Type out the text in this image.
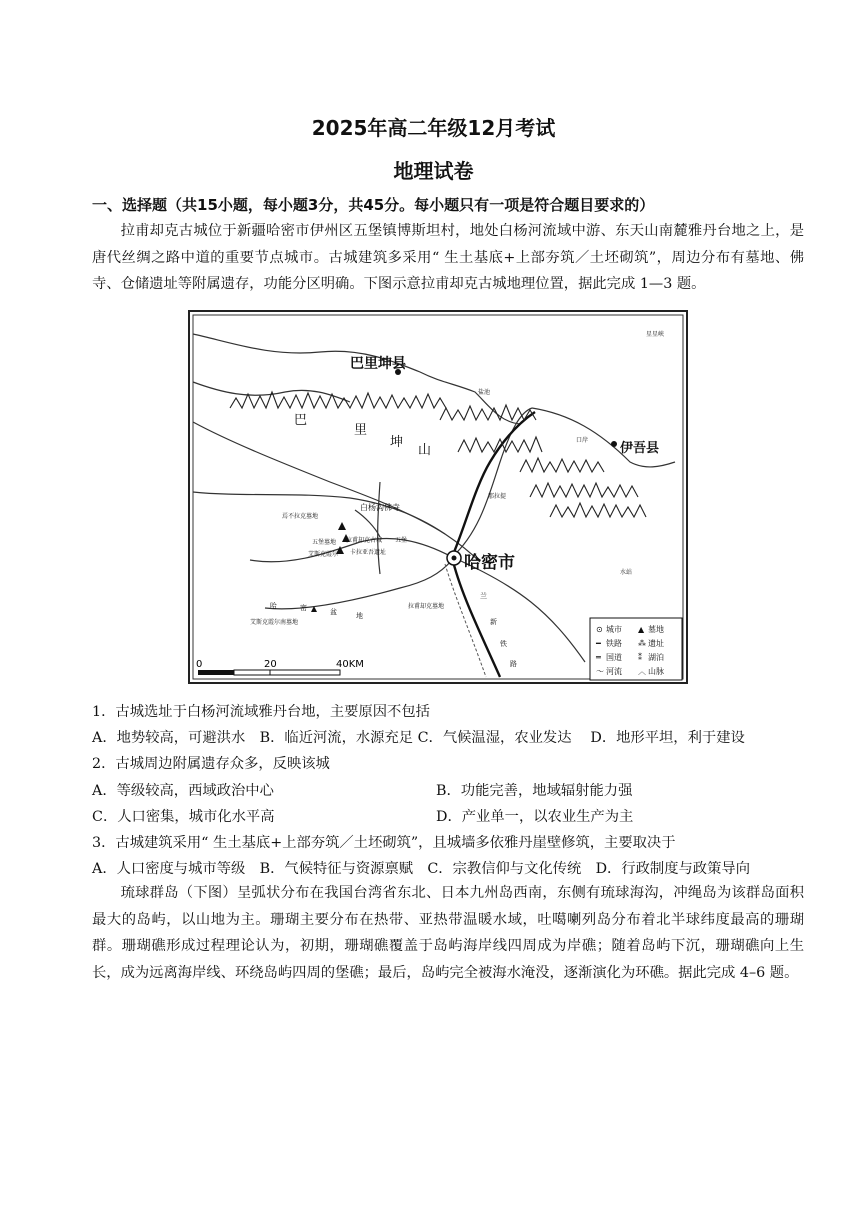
2025年高二年级12月考试
地理试卷
一、选择题（共15小题，每小题3分，共45分。每小题只有一项是符合题目要求的）
拉甫却克古城位于新疆哈密市伊州区五堡镇博斯坦村，地处白杨河流域中游、东天山南麓雅丹台地之上，是唐代丝绸之路中道的重要节点城市。古城建筑多采用“ 生土基底+上部夯筑／土坯砌筑”，周边分布有墓地、佛寺、仓储遗址等附属遗存，功能分区明确。下图示意拉甫却克古城地理位置，据此完成 1—3 题。
巴里坤县
巴
里
坤
山	伊吾县
哈密市
白杨沟佛寺
拉甫却克古城
五堡墓地
焉不拉克墓地
艾斯克霞尔 卡拉亚吾遗址
艾斯克霞尔南墓地
拉甫却克墓地
星星峡
盐池
口岸
那拉提
五堡
水站
哈	密	盆	地
兰
新
铁
路
0	20	40KM
⊙ 城市 ▲ 墓地
━ 铁路 ⁂ 遗址
═ 国道 ⁑ 湖泊
～ 河流 ︿ 山脉
1．古城选址于白杨河流域雅丹台地，主要原因不包括
A．地势较高，可避洪水　B．临近河流，水源充足 C．气候温湿，农业发达　 D．地形平坦，利于建设
2．古城周边附属遗存众多，反映该城
A．等级较高，西域政治中心	B．功能完善，地域辐射能力强
C．人口密集，城市化水平高	D．产业单一，以农业生产为主
3．古城建筑采用“ 生土基底+上部夯筑／土坯砌筑”，且城墙多依雅丹崖壁修筑，主要取决于
A．人口密度与城市等级　B．气候特征与资源禀赋　C．宗教信仰与文化传统　D．行政制度与政策导向
琉球群岛（下图）呈弧状分布在我国台湾省东北、日本九州岛西南，东侧有琉球海沟，冲绳岛为该群岛面积最大的岛屿，以山地为主。珊瑚主要分布在热带、亚热带温暖水域，吐噶喇列岛分布着北半球纬度最高的珊瑚群。珊瑚礁形成过程理论认为，初期，珊瑚礁覆盖于岛屿海岸线四周成为岸礁；随着岛屿下沉，珊瑚礁向上生长，成为远离海岸线、环绕岛屿四周的堡礁；最后，岛屿完全被海水淹没，逐渐演化为环礁。据此完成 4–6 题。
